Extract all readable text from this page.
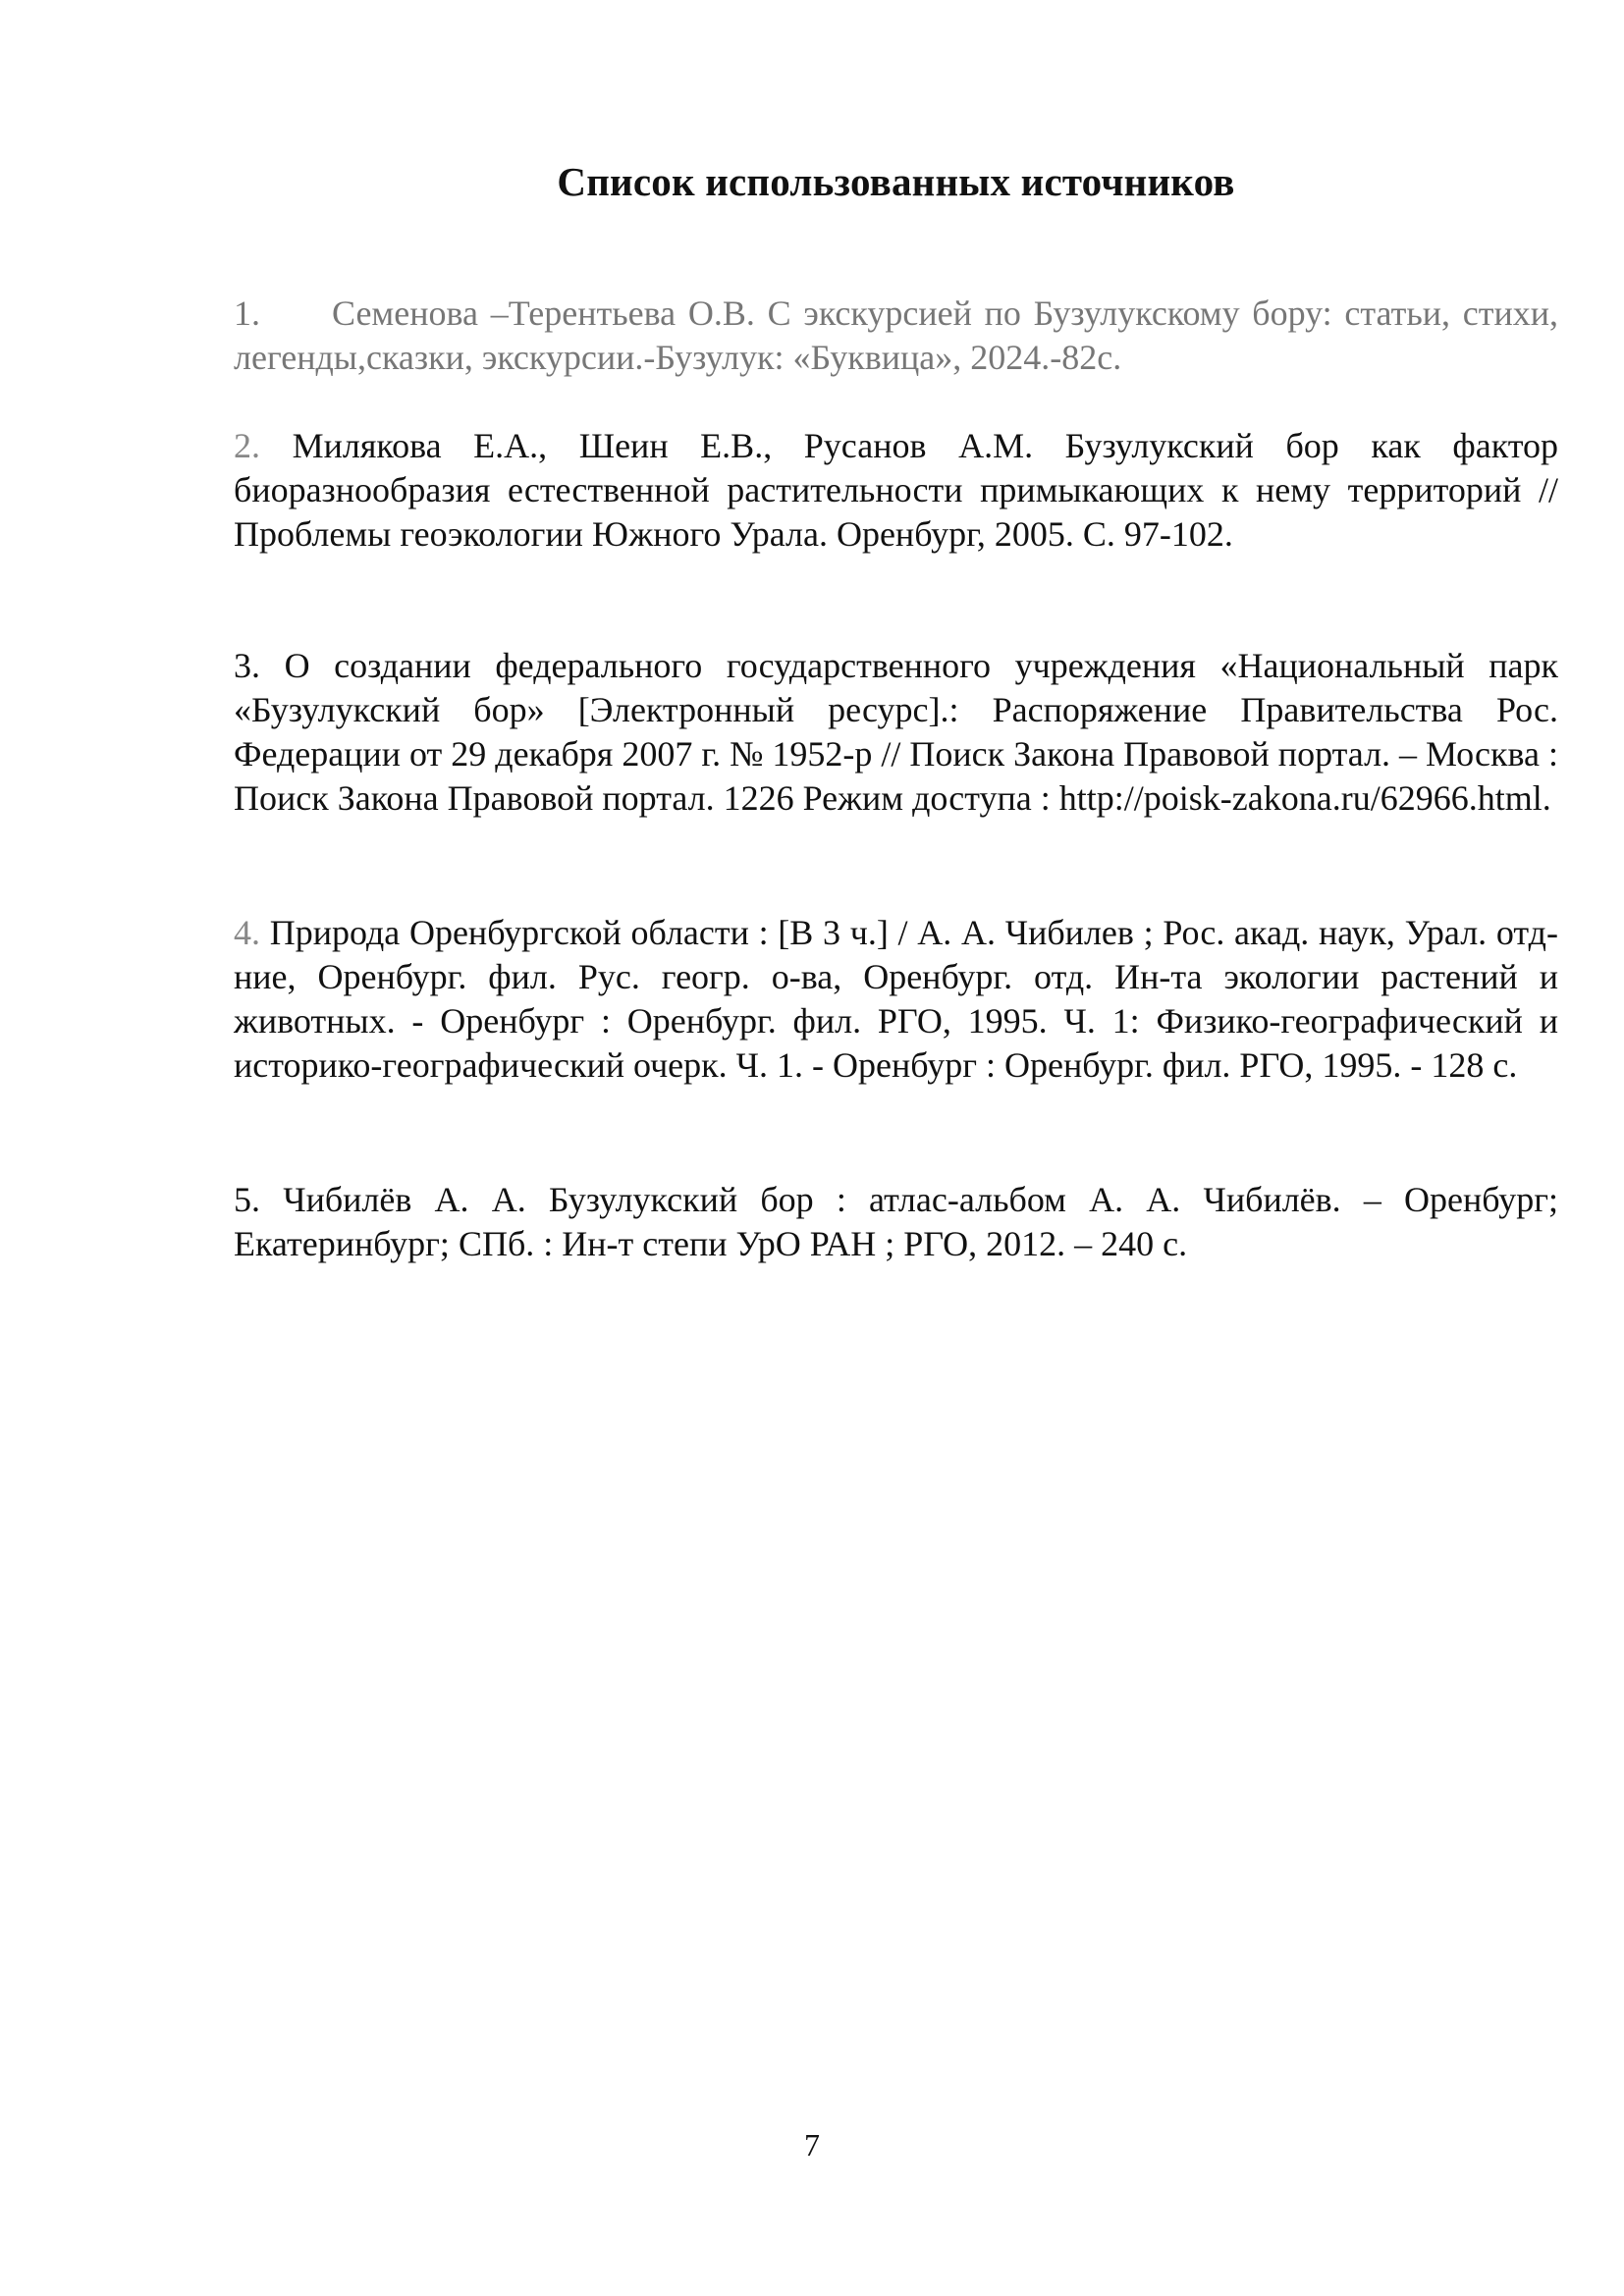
Список использованных источников
1. Семенова –Терентьева О.В. С экскурсией по Бузулукскому бору: статьи, стихи, легенды,сказки, экскурсии.-Бузулук: «Буквица», 2024.-82с.
2. Милякова Е.А., Шеин Е.В., Русанов А.М. Бузулукский бор как фактор биоразнообразия естественной растительности примыкающих к нему территорий // Проблемы геоэкологии Южного Урала. Оренбург, 2005. С. 97-102.
3. О создании федерального государственного учреждения «Национальный парк «Бузулукский бор» [Электронный ресурс].: Распоряжение Правительства Рос. Федерации от 29 декабря 2007 г. № 1952-р // Поиск Закона Правовой портал. – Москва : Поиск Закона Правовой портал. 1226 Режим доступа : http://poisk-zakona.ru/62966.html.
4. Природа Оренбургской области : [В 3 ч.] / А. А. Чибилев ; Рос. акад. наук, Урал. отд-ние, Оренбург. фил. Рус. геогр. о-ва, Оренбург. отд. Ин-та экологии растений и животных. - Оренбург : Оренбург. фил. РГО, 1995. Ч. 1: Физико-географический и историко-географический очерк. Ч. 1. - Оренбург : Оренбург. фил. РГО, 1995. - 128 с.
5. Чибилёв А. А. Бузулукский бор : атлас-альбом А. А. Чибилёв. – Оренбург; Екатеринбург; СПб. : Ин-т степи УрО РАН ; РГО, 2012. – 240 с.
7
